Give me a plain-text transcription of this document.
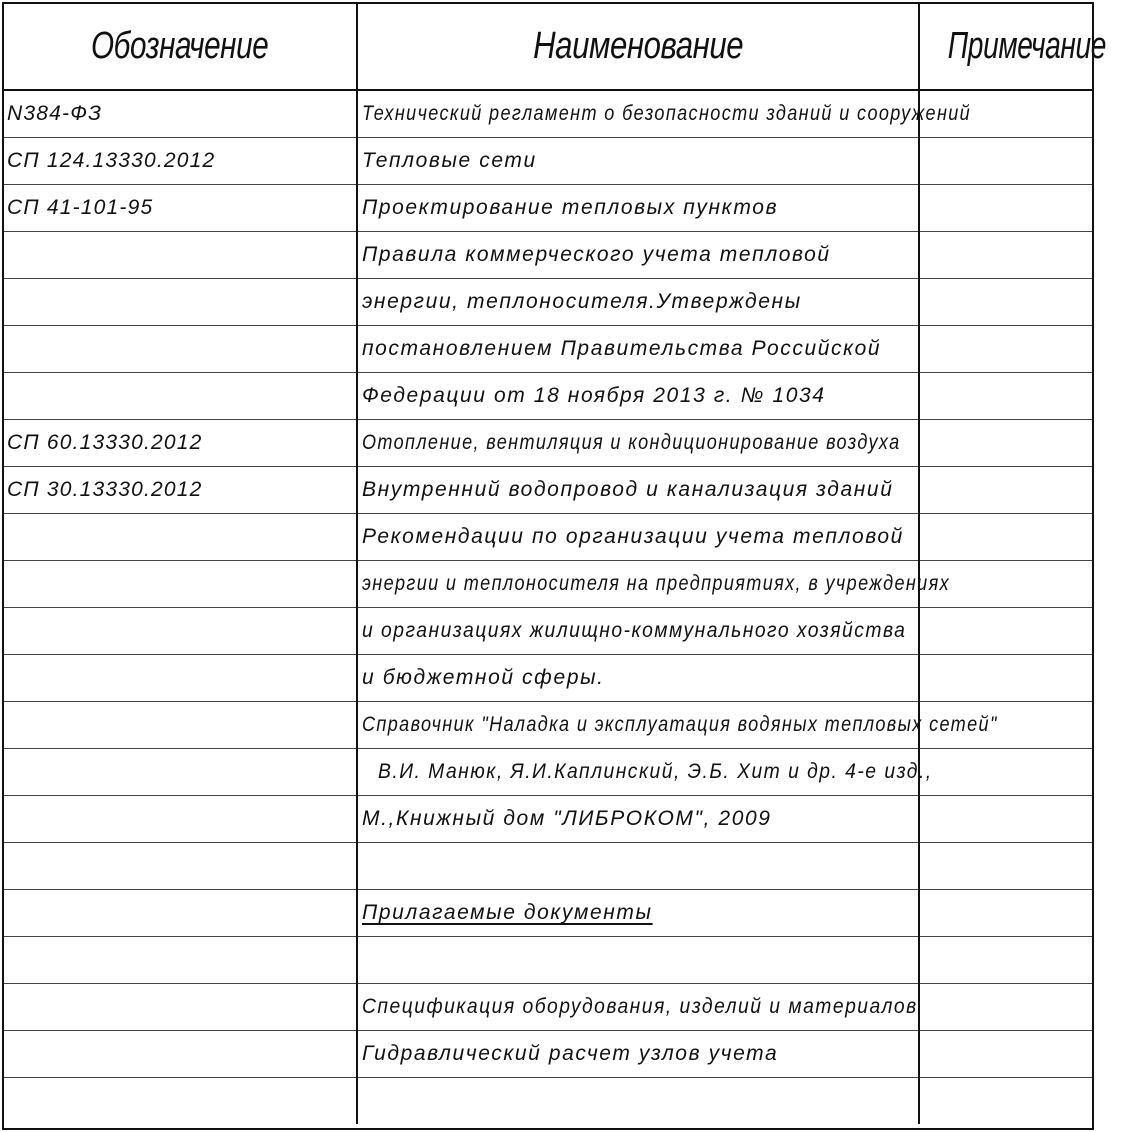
Обозначение	Наименование	Примечание
N384-ФЗ	Технический регламент о безопасности зданий и сооружений	
СП 124.13330.2012	Тепловые сети	
СП 41-101-95	Проектирование тепловых пунктов	
	Правила коммерческого учета тепловой	
	энергии, теплоносителя.Утверждены	
	постановлением Правительства Российской	
	Федерации от 18 ноября 2013 г. № 1034	
СП 60.13330.2012	Отопление, вентиляция и кондиционирование воздуха	
СП 30.13330.2012	Внутренний водопровод и канализация зданий	
	Рекомендации по организации учета тепловой	
	энергии и теплоносителя на предприятиях, в учреждениях	
	и организациях жилищно-коммунального хозяйства	
	и бюджетной сферы.	
	Справочник "Наладка и эксплуатация водяных тепловых сетей"	
	В.И. Манюк, Я.И.Каплинский, Э.Б. Хит и др. 4-е изд.,	
	М.,Книжный дом "ЛИБРОКОМ", 2009	

	Прилагаемые документы	

	Спецификация оборудования, изделий и материалов	
	Гидравлический расчет узлов учета	
